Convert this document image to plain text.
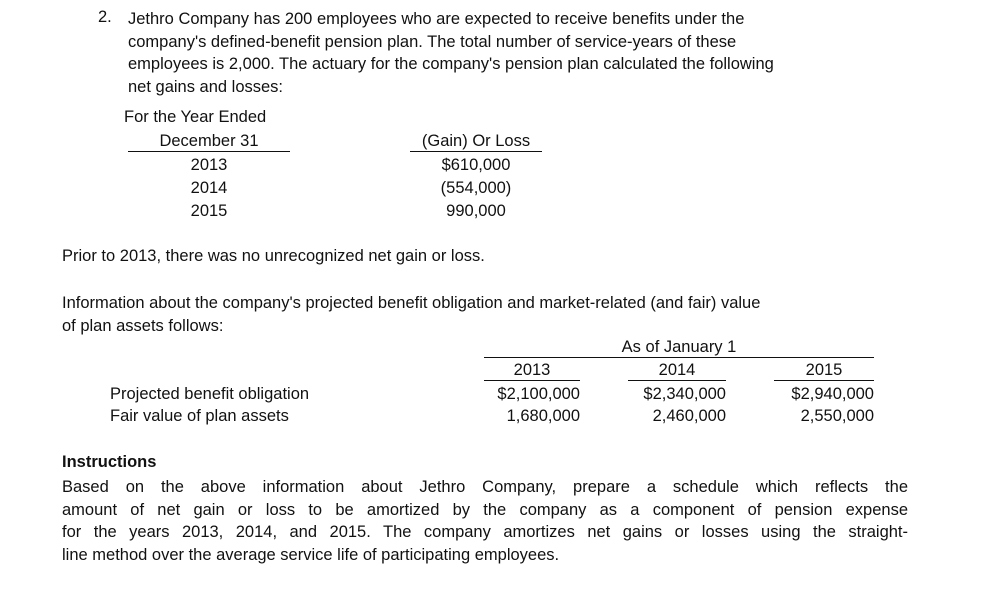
2. Jethro Company has 200 employees who are expected to receive benefits under the
company's defined-benefit pension plan. The total number of service-years of these
employees is 2,000. The actuary for the company's pension plan calculated the following
net gains and losses:
For the Year Ended
December 31	(Gain) Or Loss
2013	$610,000
2014	(554,000)
2015	990,000
Prior to 2013, there was no unrecognized net gain or loss.
Information about the company's projected benefit obligation and market-related (and fair) value
of plan assets follows:
As of January 1
2013	2014	2015
Projected benefit obligation	$2,100,000	$2,340,000	$2,940,000
Fair value of plan assets	1,680,000	2,460,000	2,550,000
Instructions
Based on the above information about Jethro Company, prepare a schedule which reflects the
amount of net gain or loss to be amortized by the company as a component of pension expense
for the years 2013, 2014, and 2015. The company amortizes net gains or losses using the straight-
line method over the average service life of participating employees.
